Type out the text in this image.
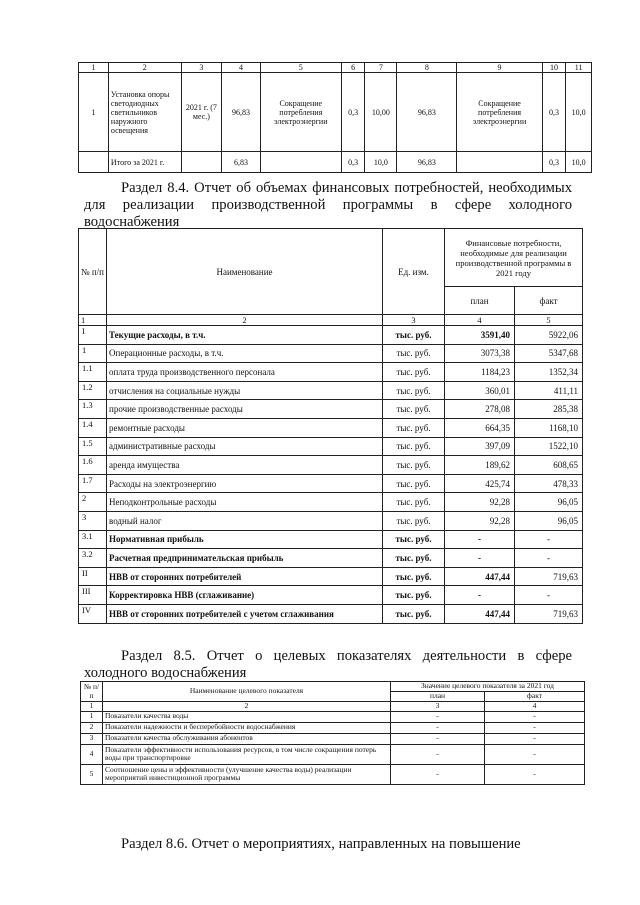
1	2	3	4	5	6	7	8	9	10	11
1	Установка опоры светодиодных светильников наружного освещения	2021 г. (7 мес.)	96,83	Сокращение потребления электроэнергии	0,3	10,00	96,83	Сокращение потребления электроэнергии	0,3	10,0
	Итого за 2021 г.		6,83		0,3	10,0	96,83		0,3	10,0

Раздел 8.4. Отчет об объемах финансовых потребностей, необходимых для реализации производственной программы в сфере холодного водоснабжения

№ п/п	Наименование	Ед. изм.	Финансовые потребности, необходимые для реализации производственной программы в 2021 году	
			план	факт
1	2	3	4	5
I	Текущие расходы, в т.ч.	тыс. руб.	3591,40	5922,06
1	Операционные расходы, в т.ч.	тыс. руб.	3073,38	5347,68
1.1	оплата труда производственного персонала	тыс. руб.	1184,23	1352,34
1.2	отчисления на социальные нужды	тыс. руб.	360,01	411,11
1.3	прочие производственные расходы	тыс. руб.	278,08	285,38
1.4	ремонтные расходы	тыс. руб.	664,35	1168,10
1.5	административные расходы	тыс. руб.	397,09	1522,10
1.6	аренда имущества	тыс. руб.	189,62	608,65
1.7	Расходы на электроэнергию	тыс. руб.	425,74	478,33
2	Неподконтрольные расходы	тыс. руб.	92,28	96,05
3	водный налог	тыс. руб.	92,28	96,05
3.1	Нормативная прибыль	тыс. руб.	-	-
3.2	Расчетная предпринимательская прибыль	тыс. руб.	-	-
II	НВВ от сторонних потребителей	тыс. руб.	447,44	719,63
III	Корректировка НВВ (сглаживание)	тыс. руб.	-	-
IV	НВВ от сторонних потребителей с учетом сглаживания	тыс. руб.	447,44	719,63

Раздел 8.5. Отчет о целевых показателях деятельности в сфере холодного водоснабжения

№ п/п	Наименование целевого показателя	Значение целевого показателя за 2021 год	
		план	факт
1	2	3	4
1	Показатели качества воды	-	-
2	Показатели надежности и бесперебойности водоснабжения	-	-
3	Показатели качества обслуживания абонентов	-	-
4	Показатели эффективности использования ресурсов, в том числе сокращения потерь воды при транспортировке	-	-
5	Соотношение цены и эффективности (улучшение качества воды) реализации мероприятий инвестиционной программы	-	-

Раздел 8.6. Отчет о мероприятиях, направленных на повышение
